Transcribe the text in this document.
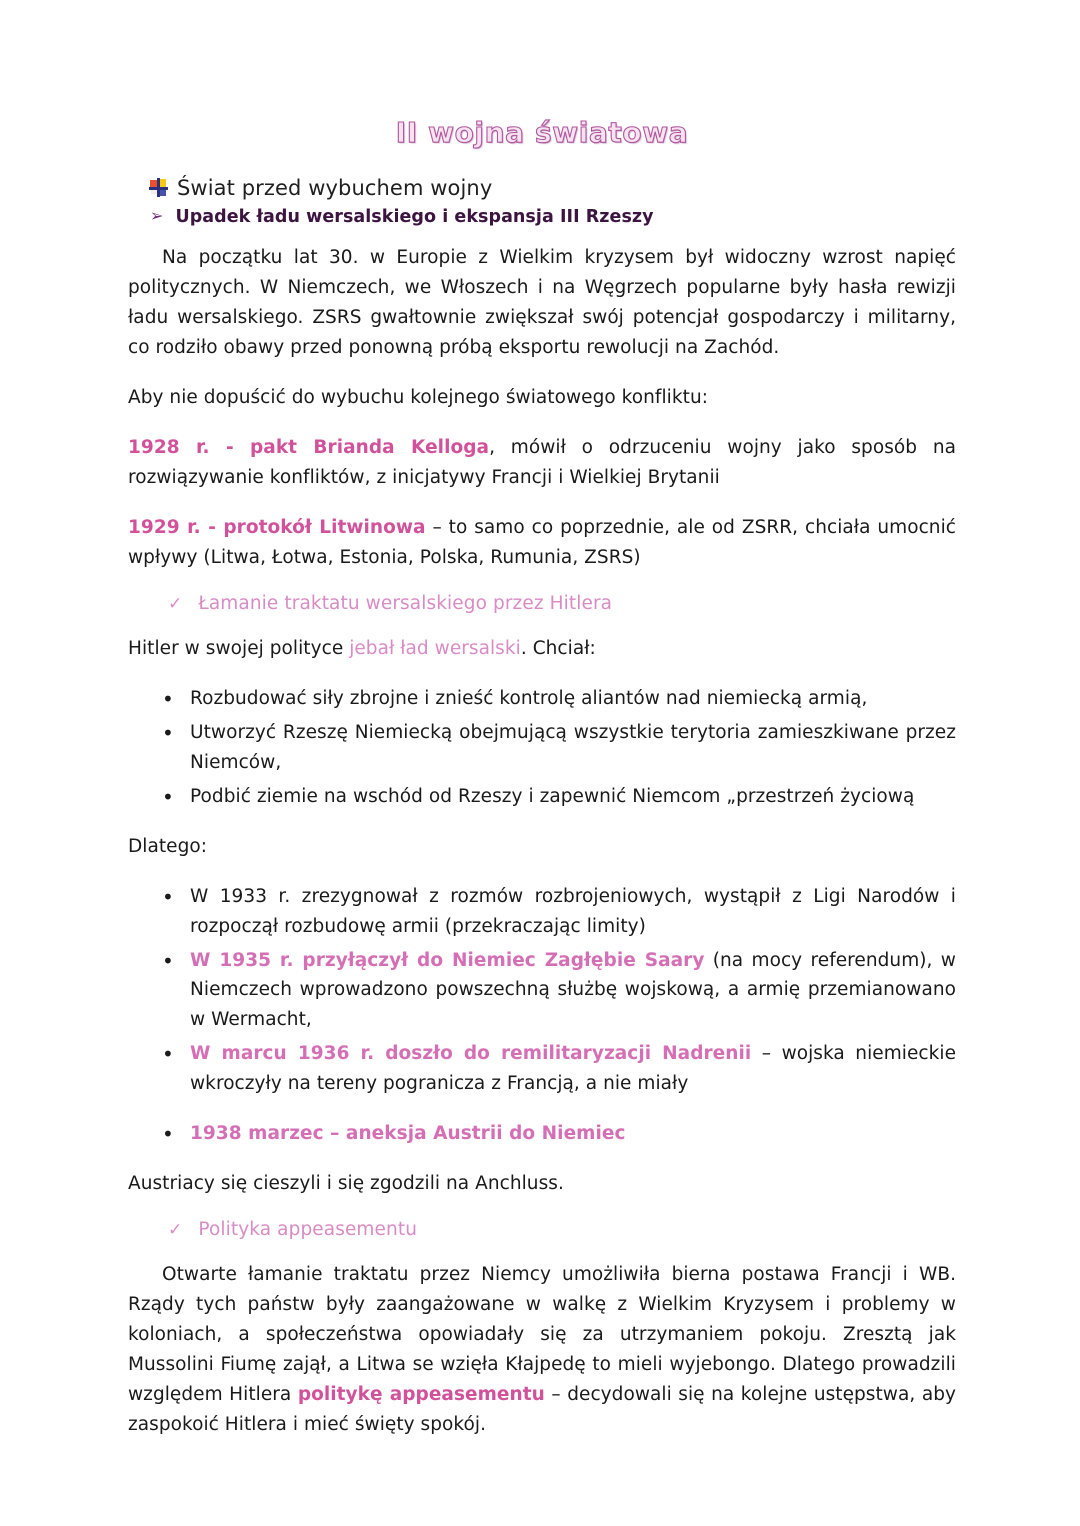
II wojna światowa
Świat przed wybuchem wojny
➢ Upadek ładu wersalskiego i ekspansja III Rzeszy

Na początku lat 30. w Europie z Wielkim kryzysem był widoczny wzrost napięć politycznych. W Niemczech, we Włoszech i na Węgrzech popularne były hasła rewizji ładu wersalskiego. ZSRS gwałtownie zwiększał swój potencjał gospodarczy i militarny, co rodziło obawy przed ponowną próbą eksportu rewolucji na Zachód.

Aby nie dopuścić do wybuchu kolejnego światowego konfliktu:

1928 r. - pakt Brianda Kelloga, mówił o odrzuceniu wojny jako sposób na rozwiązywanie konfliktów, z inicjatywy Francji i Wielkiej Brytanii

1929 r. - protokół Litwinowa – to samo co poprzednie, ale od ZSRR, chciała umocnić wpływy (Litwa, Łotwa, Estonia, Polska, Rumunia, ZSRS)

✓ Łamanie traktatu wersalskiego przez Hitlera

Hitler w swojej polityce jebał ład wersalski. Chciał:

• Rozbudować siły zbrojne i znieść kontrolę aliantów nad niemiecką armią,
• Utworzyć Rzeszę Niemiecką obejmującą wszystkie terytoria zamieszkiwane przez Niemców,
• Podbić ziemie na wschód od Rzeszy i zapewnić Niemcom „przestrzeń życiową

Dlatego:

• W 1933 r. zrezygnował z rozmów rozbrojeniowych, wystąpił z Ligi Narodów i rozpoczął rozbudowę armii (przekraczając limity)
• W 1935 r. przyłączył do Niemiec Zagłębie Saary (na mocy referendum), w Niemczech wprowadzono powszechną służbę wojskową, a armię przemianowano w Wermacht,
• W marcu 1936 r. doszło do remilitaryzacji Nadrenii – wojska niemieckie wkroczyły na tereny pogranicza z Francją, a nie miały
• 1938 marzec – aneksja Austrii do Niemiec

Austriacy się cieszyli i się zgodzili na Anchluss.

✓ Polityka appeasementu

Otwarte łamanie traktatu przez Niemcy umożliwiła bierna postawa Francji i WB. Rządy tych państw były zaangażowane w walkę z Wielkim Kryzysem i problemy w koloniach, a społeczeństwa opowiadały się za utrzymaniem pokoju. Zresztą jak Mussolini Fiumę zajął, a Litwa se wzięła Kłajpedę to mieli wyjebongo. Dlatego prowadzili względem Hitlera politykę appeasementu – decydowali się na kolejne ustępstwa, aby zaspokoić Hitlera i mieć święty spokój.
